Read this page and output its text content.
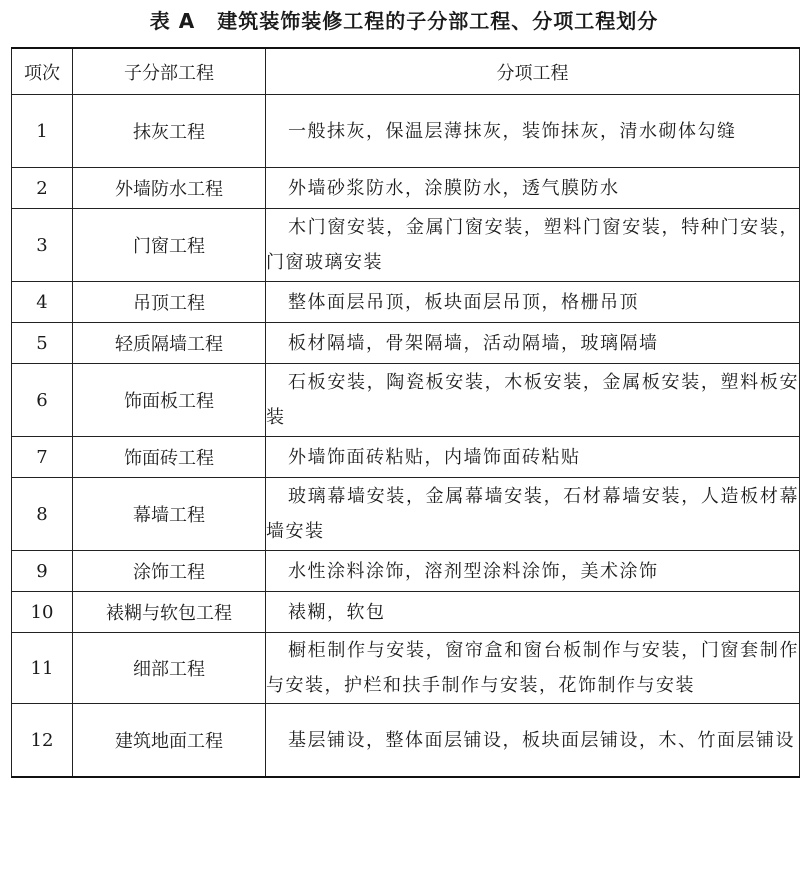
表 A 建筑装饰装修工程的子分部工程、分项工程划分
项次	子分部工程	分项工程
1	抹灰工程	一般抹灰，保温层薄抹灰，装饰抹灰，清水砌体勾缝
2	外墙防水工程	外墙砂浆防水，涂膜防水，透气膜防水
3	门窗工程	木门窗安装，金属门窗安装，塑料门窗安装，特种门安装，门窗玻璃安装
4	吊顶工程	整体面层吊顶，板块面层吊顶，格栅吊顶
5	轻质隔墙工程	板材隔墙，骨架隔墙，活动隔墙，玻璃隔墙
6	饰面板工程	石板安装，陶瓷板安装，木板安装，金属板安装，塑料板安装
7	饰面砖工程	外墙饰面砖粘贴，内墙饰面砖粘贴
8	幕墙工程	玻璃幕墙安装，金属幕墙安装，石材幕墙安装，人造板材幕墙安装
9	涂饰工程	水性涂料涂饰，溶剂型涂料涂饰，美术涂饰
10	裱糊与软包工程	裱糊，软包
11	细部工程	橱柜制作与安装，窗帘盒和窗台板制作与安装，门窗套制作与安装，护栏和扶手制作与安装，花饰制作与安装
12	建筑地面工程	基层铺设，整体面层铺设，板块面层铺设，木、竹面层铺设
